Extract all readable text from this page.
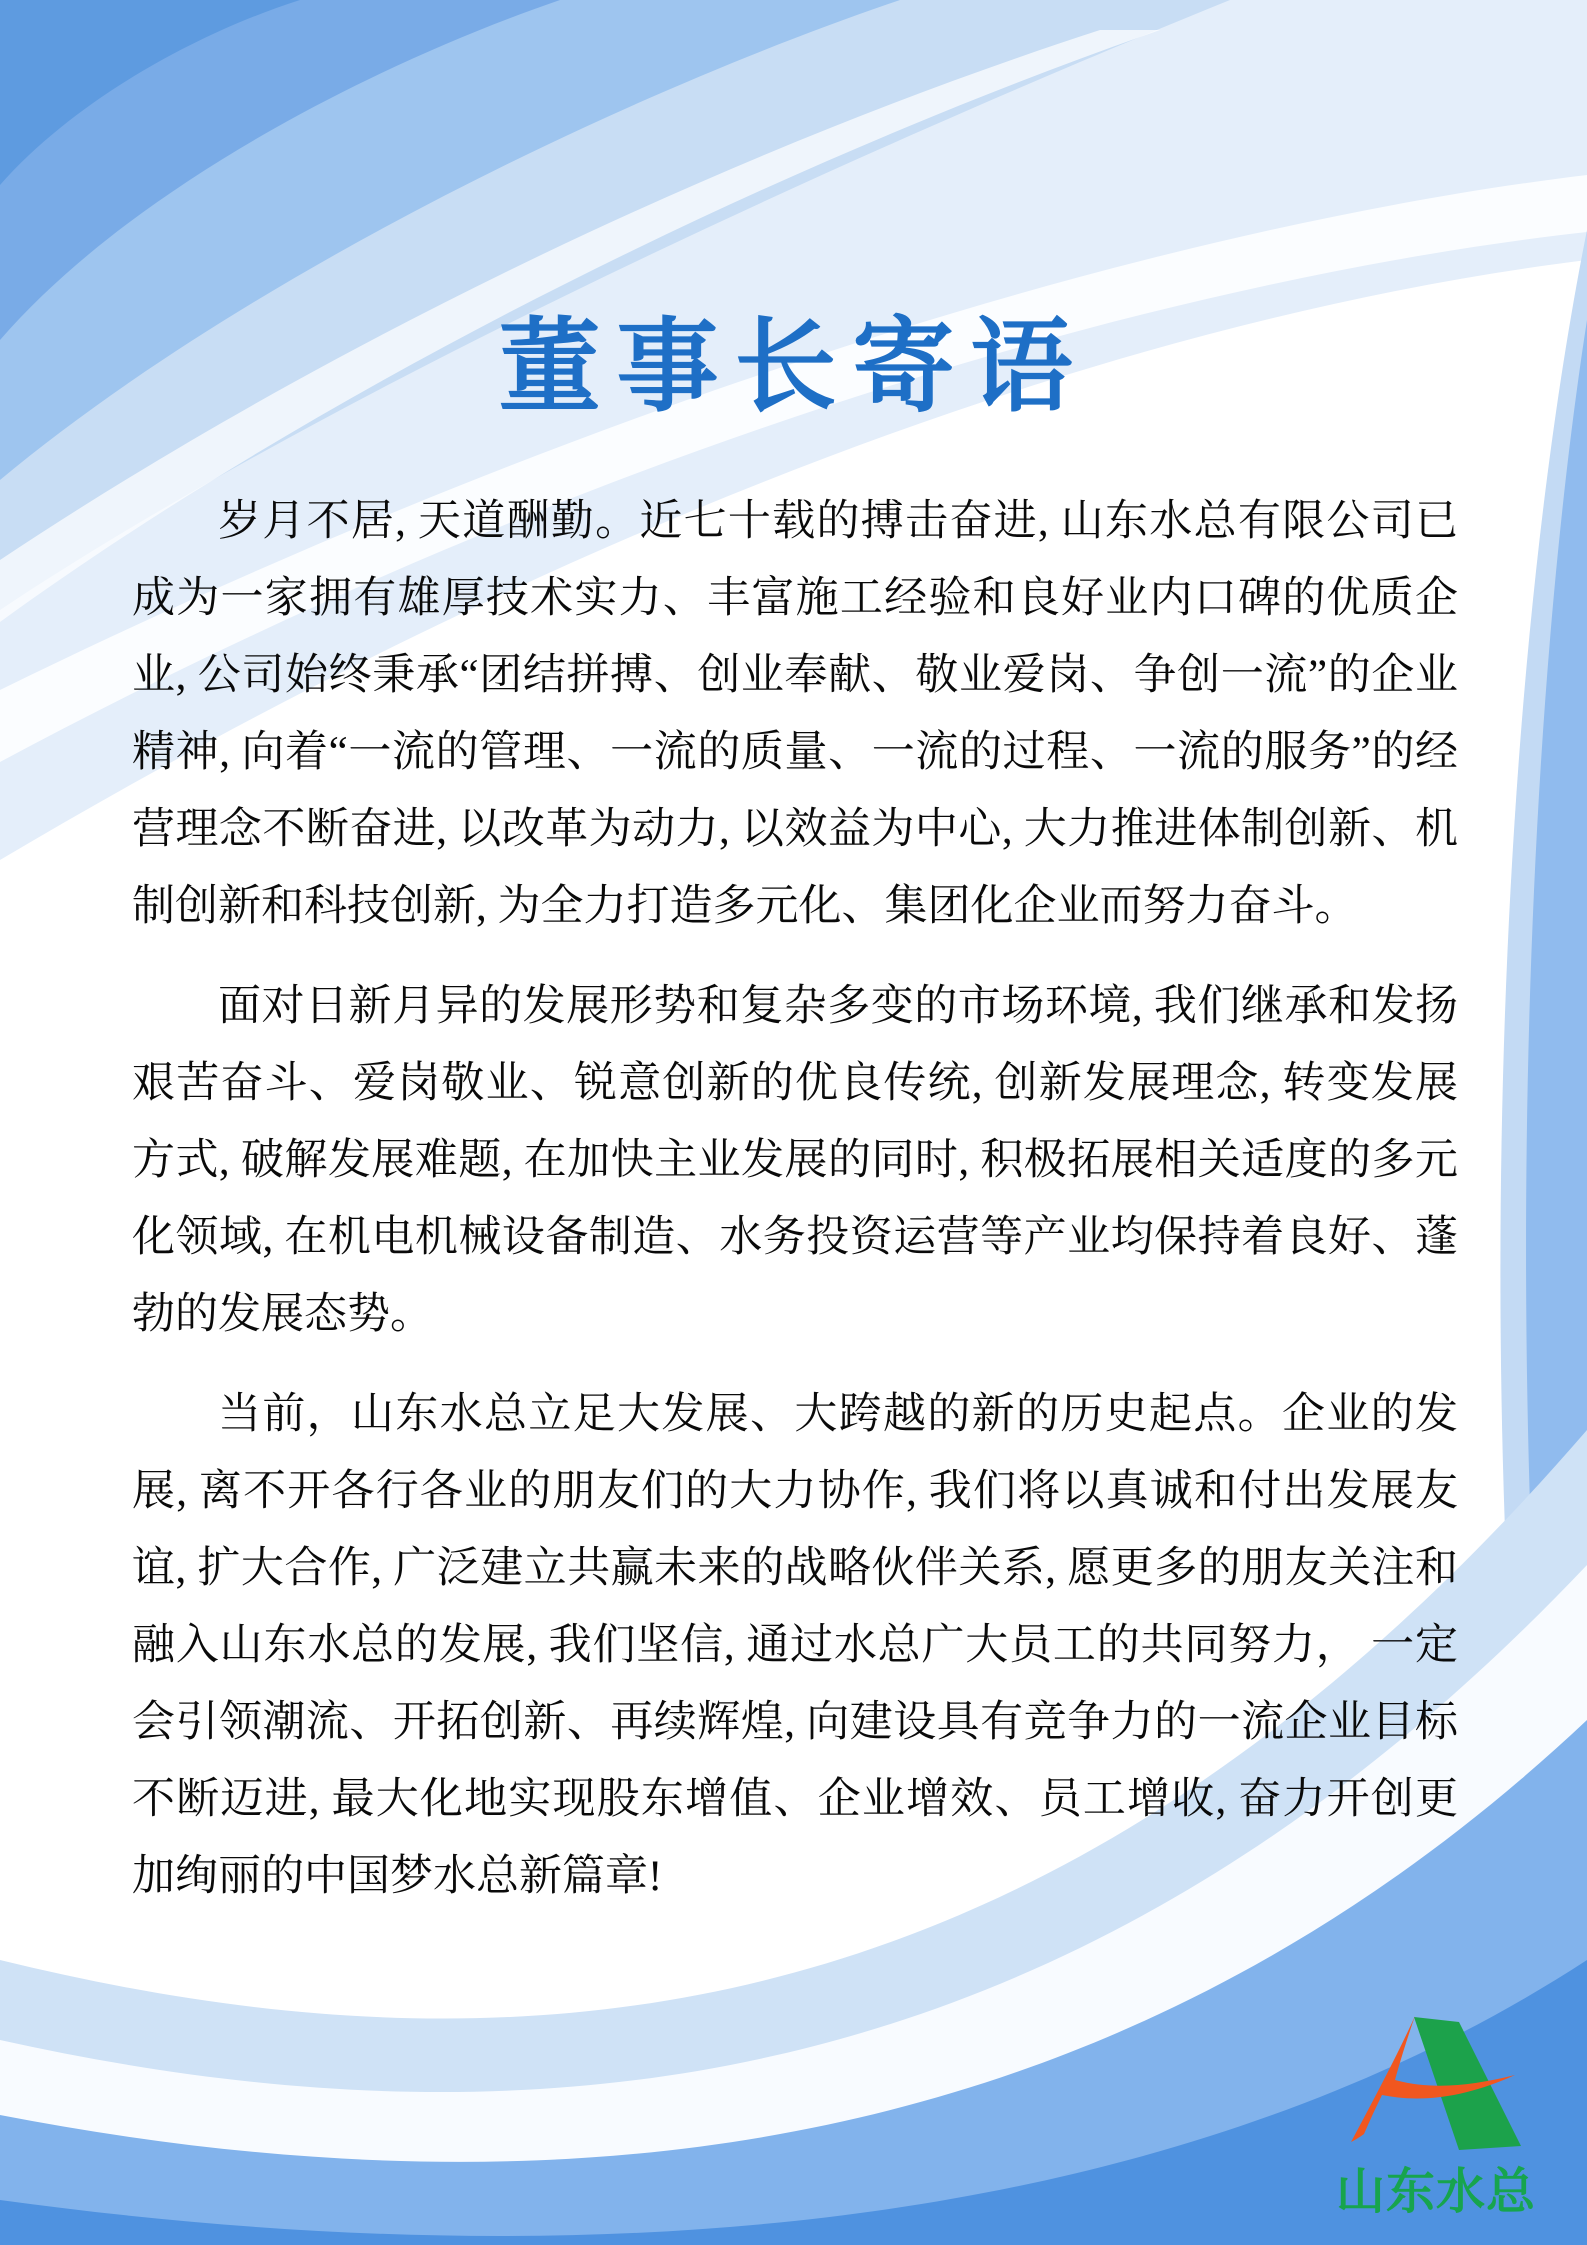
董事长寄语

岁月不居, 天道酬勤。近七十载的搏击奋进, 山东水总有限公司已成为一家拥有雄厚技术实力、丰富施工经验和良好业内口碑的优质企业, 公司始终秉承“团结拼搏、创业奉献、敬业爱岗、争创一流”的企业精神, 向着“一流的管理、一流的质量、一流的过程、一流的服务”的经营理念不断奋进, 以改革为动力, 以效益为中心, 大力推进体制创新、机制创新和科技创新, 为全力打造多元化、集团化企业而努力奋斗。

面对日新月异的发展形势和复杂多变的市场环境, 我们继承和发扬艰苦奋斗、爱岗敬业、锐意创新的优良传统, 创新发展理念, 转变发展方式, 破解发展难题, 在加快主业发展的同时, 积极拓展相关适度的多元化领域, 在机电机械设备制造、水务投资运营等产业均保持着良好、蓬勃的发展态势。

当前，山东水总立足大发展、大跨越的新的历史起点。企业的发展, 离不开各行各业的朋友们的大力协作, 我们将以真诚和付出发展友谊, 扩大合作, 广泛建立共赢未来的战略伙伴关系, 愿更多的朋友关注和融入山东水总的发展, 我们坚信, 通过水总广大员工的共同努力， 一定会引领潮流、开拓创新、再续辉煌, 向建设具有竞争力的一流企业目标不断迈进, 最大化地实现股东增值、企业增效、员工增收, 奋力开创更加绚丽的中国梦水总新篇章!

山东水总
